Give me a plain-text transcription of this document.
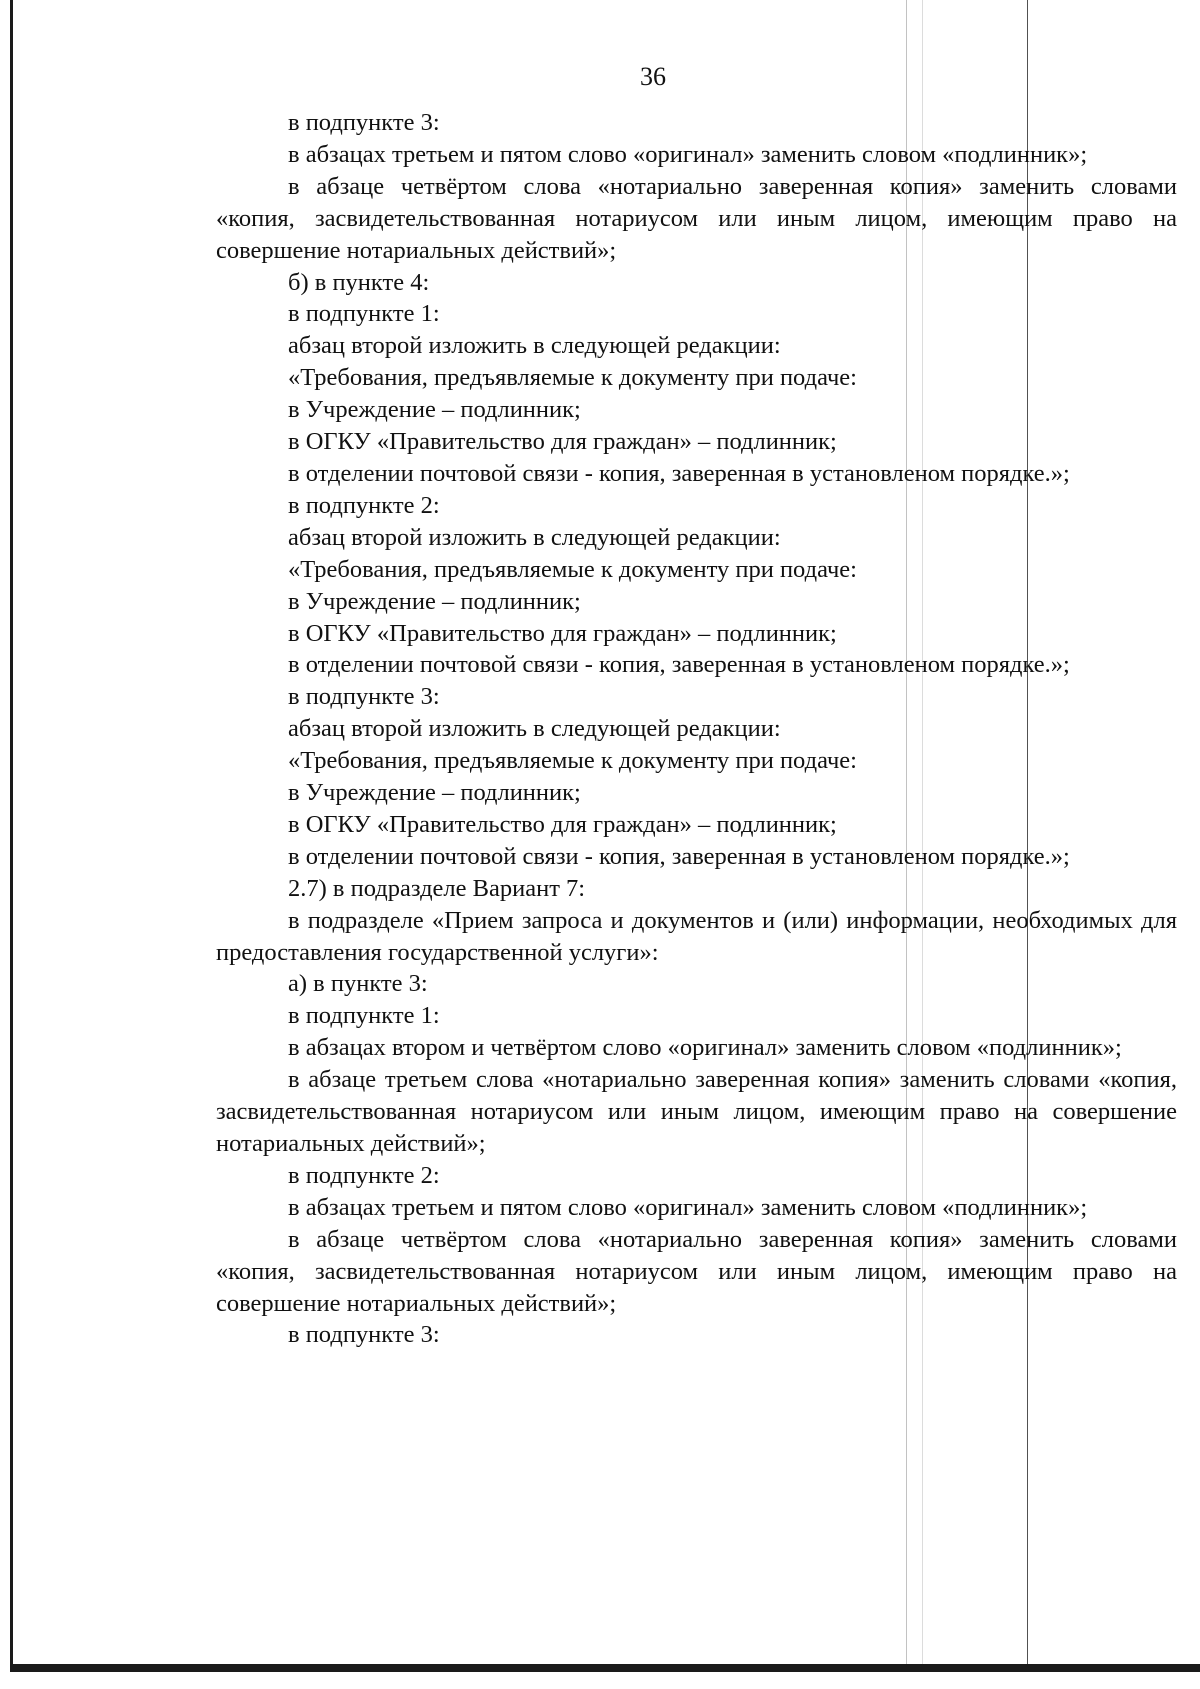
36

в подпункте 3:

в абзацах третьем и пятом слово «оригинал» заменить словом «подлинник»;

в абзаце четвёртом слова «нотариально заверенная копия» заменить словами «копия, засвидетельствованная нотариусом или иным лицом, имеющим право на совершение нотариальных действий»;

б) в пункте 4:

в подпункте 1:

абзац второй изложить в следующей редакции:

«Требования, предъявляемые к документу при подаче:

в Учреждение – подлинник;

в ОГКУ «Правительство для граждан» – подлинник;

в отделении почтовой связи - копия, заверенная в установленом порядке.»;

в подпункте 2:

абзац второй изложить в следующей редакции:

«Требования, предъявляемые к документу при подаче:

в Учреждение – подлинник;

в ОГКУ «Правительство для граждан» – подлинник;

в отделении почтовой связи - копия, заверенная в установленом порядке.»;

в подпункте 3:

абзац второй изложить в следующей редакции:

«Требования, предъявляемые к документу при подаче:

в Учреждение – подлинник;

в ОГКУ «Правительство для граждан» – подлинник;

в отделении почтовой связи - копия, заверенная в установленом порядке.»;

2.7) в подразделе Вариант 7:

в подразделе «Прием запроса и документов и (или) информации, необходимых для предоставления государственной услуги»:

а) в пункте 3:

в подпункте 1:

в абзацах втором и четвёртом слово «оригинал» заменить словом «подлинник»;

в абзаце третьем слова «нотариально заверенная копия» заменить словами «копия, засвидетельствованная нотариусом или иным лицом, имеющим право на совершение нотариальных действий»;

в подпункте 2:

в абзацах третьем и пятом слово «оригинал» заменить словом «подлинник»;

в абзаце четвёртом слова «нотариально заверенная копия» заменить словами «копия, засвидетельствованная нотариусом или иным лицом, имеющим право на совершение нотариальных действий»;

в подпункте 3:
